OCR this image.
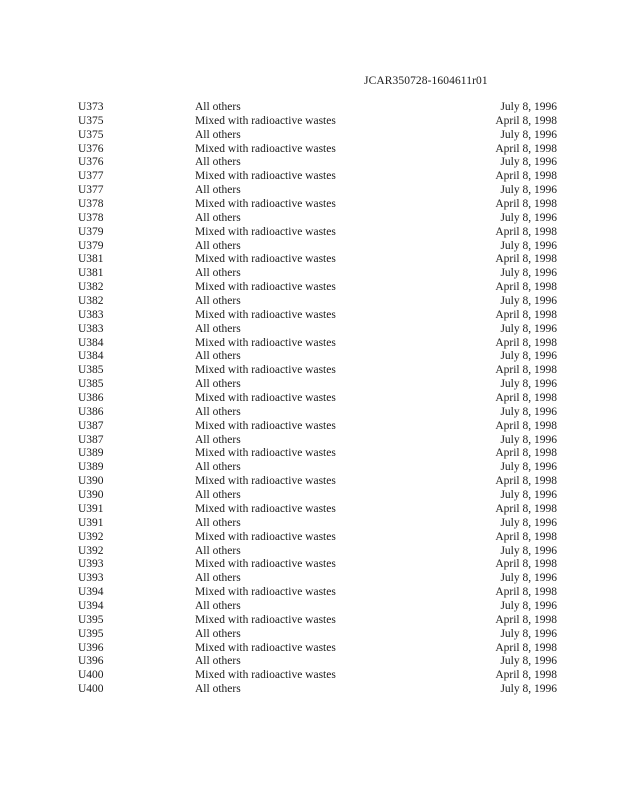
JCAR350728-1604611r01
U373	All others	July 8, 1996
U375	Mixed with radioactive wastes	April 8, 1998
U375	All others	July 8, 1996
U376	Mixed with radioactive wastes	April 8, 1998
U376	All others	July 8, 1996
U377	Mixed with radioactive wastes	April 8, 1998
U377	All others	July 8, 1996
U378	Mixed with radioactive wastes	April 8, 1998
U378	All others	July 8, 1996
U379	Mixed with radioactive wastes	April 8, 1998
U379	All others	July 8, 1996
U381	Mixed with radioactive wastes	April 8, 1998
U381	All others	July 8, 1996
U382	Mixed with radioactive wastes	April 8, 1998
U382	All others	July 8, 1996
U383	Mixed with radioactive wastes	April 8, 1998
U383	All others	July 8, 1996
U384	Mixed with radioactive wastes	April 8, 1998
U384	All others	July 8, 1996
U385	Mixed with radioactive wastes	April 8, 1998
U385	All others	July 8, 1996
U386	Mixed with radioactive wastes	April 8, 1998
U386	All others	July 8, 1996
U387	Mixed with radioactive wastes	April 8, 1998
U387	All others	July 8, 1996
U389	Mixed with radioactive wastes	April 8, 1998
U389	All others	July 8, 1996
U390	Mixed with radioactive wastes	April 8, 1998
U390	All others	July 8, 1996
U391	Mixed with radioactive wastes	April 8, 1998
U391	All others	July 8, 1996
U392	Mixed with radioactive wastes	April 8, 1998
U392	All others	July 8, 1996
U393	Mixed with radioactive wastes	April 8, 1998
U393	All others	July 8, 1996
U394	Mixed with radioactive wastes	April 8, 1998
U394	All others	July 8, 1996
U395	Mixed with radioactive wastes	April 8, 1998
U395	All others	July 8, 1996
U396	Mixed with radioactive wastes	April 8, 1998
U396	All others	July 8, 1996
U400	Mixed with radioactive wastes	April 8, 1998
U400	All others	July 8, 1996
